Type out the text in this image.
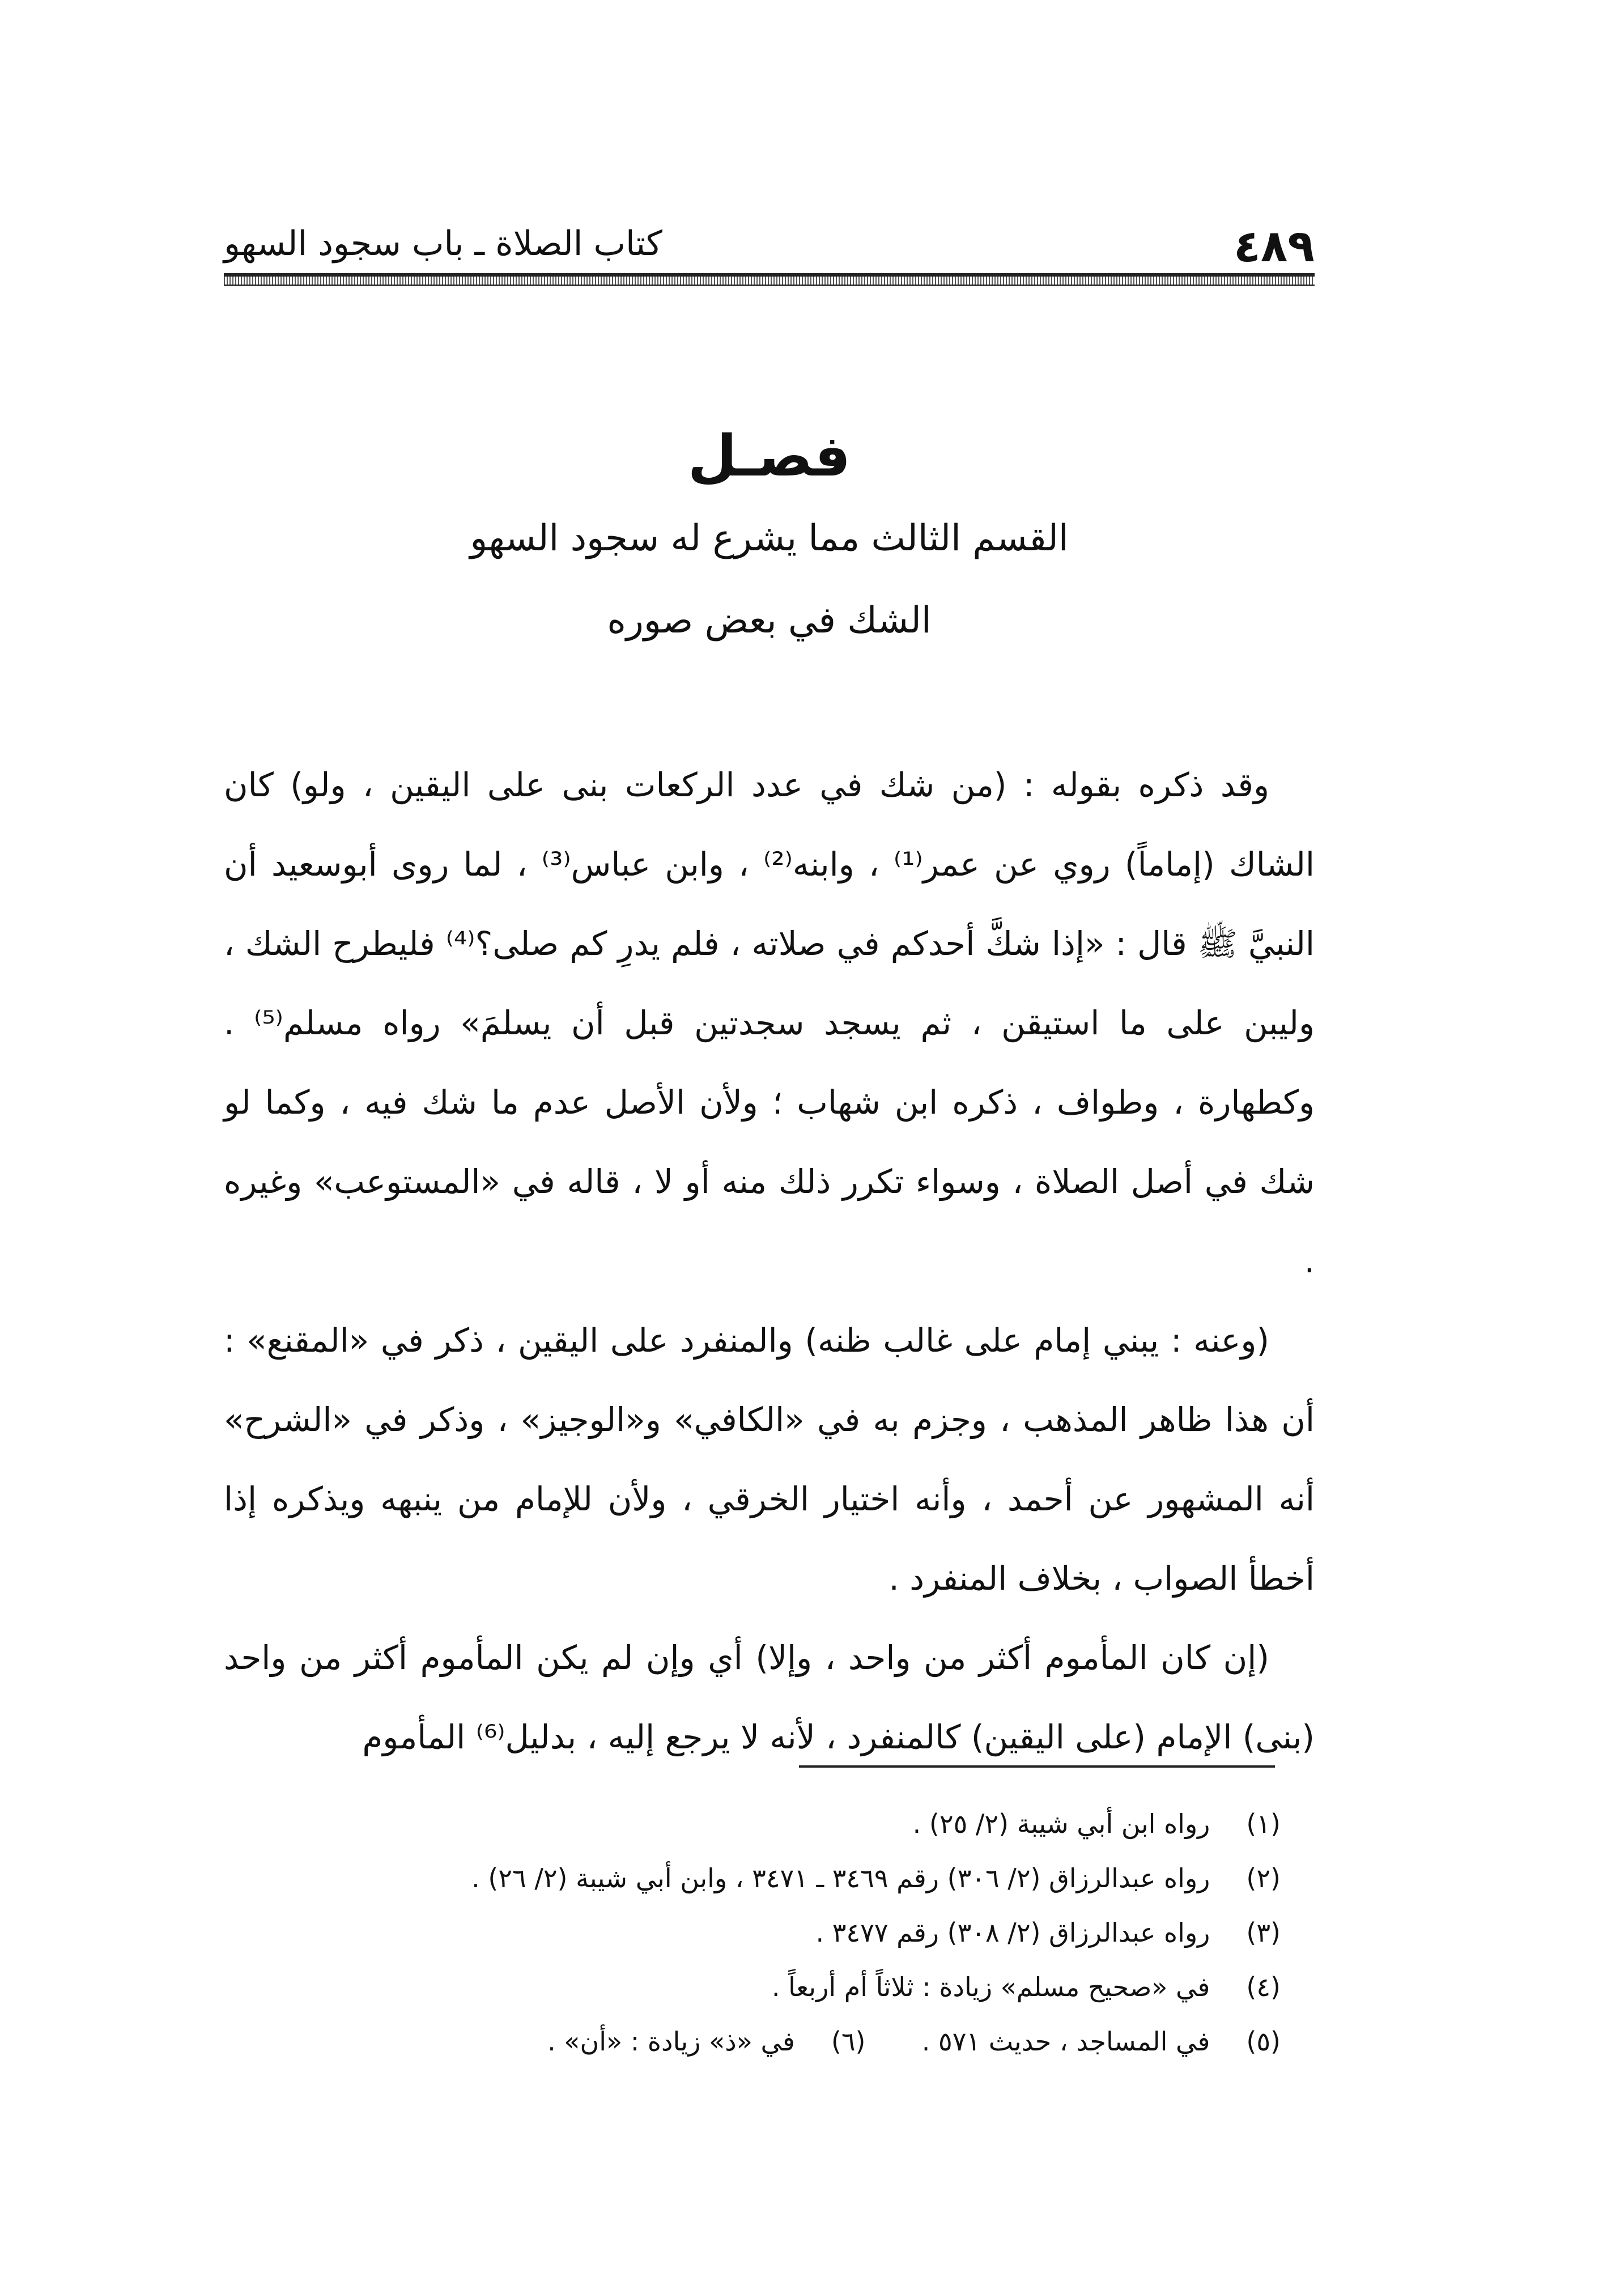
٤٨٩
كتاب الصلاة ـ باب سجود السهو
فصـل
القسم الثالث مما يشرع له سجود السهو
الشك في بعض صوره

وقد ذكره بقوله : (من شك في عدد الركعات بنى على اليقين ، ولو) كان الشاك (إماماً) روي عن عمر⁽¹⁾ ، وابنه⁽²⁾ ، وابن عباس⁽³⁾ ، لما روى أبوسعيد أن النبيَّ ﷺ قال : «إذا شكَّ أحدكم في صلاته ، فلم يدرِ كم صلى؟⁽⁴⁾ فليطرح الشك ، وليبن على ما استيقن ، ثم يسجد سجدتين قبل أن يسلمَ» رواه مسلم⁽⁵⁾ . وكطهارة ، وطواف ، ذكره ابن شهاب ؛ ولأن الأصل عدم ما شك فيه ، وكما لو شك في أصل الصلاة ، وسواء تكرر ذلك منه أو لا ، قاله في «المستوعب» وغيره .

(وعنه : يبني إمام على غالب ظنه) والمنفرد على اليقين ، ذكر في «المقنع» : أن هذا ظاهر المذهب ، وجزم به في «الكافي» و«الوجيز» ، وذكر في «الشرح» أنه المشهور عن أحمد ، وأنه اختيار الخرقي ، ولأن للإمام من ينبهه ويذكره إذا أخطأ الصواب ، بخلاف المنفرد .

(إن كان المأموم أكثر من واحد ، وإلا) أي وإن لم يكن المأموم أكثر من واحد (بنى) الإمام (على اليقين) كالمنفرد ، لأنه لا يرجع إليه ، بدليل⁽⁶⁾ المأموم

(١) رواه ابن أبي شيبة (٢/ ٢٥) .
(٢) رواه عبدالرزاق (٢/ ٣٠٦) رقم ٣٤٦٩ ـ ٣٤٧١ ، وابن أبي شيبة (٢/ ٢٦) .
(٣) رواه عبدالرزاق (٢/ ٣٠٨) رقم ٣٤٧٧ .
(٤) في «صحيح مسلم» زيادة : ثلاثاً أم أربعاً .
(٥) في المساجد ، حديث ٥٧١ .  (٦) في «ذ» زيادة : «أن» .
